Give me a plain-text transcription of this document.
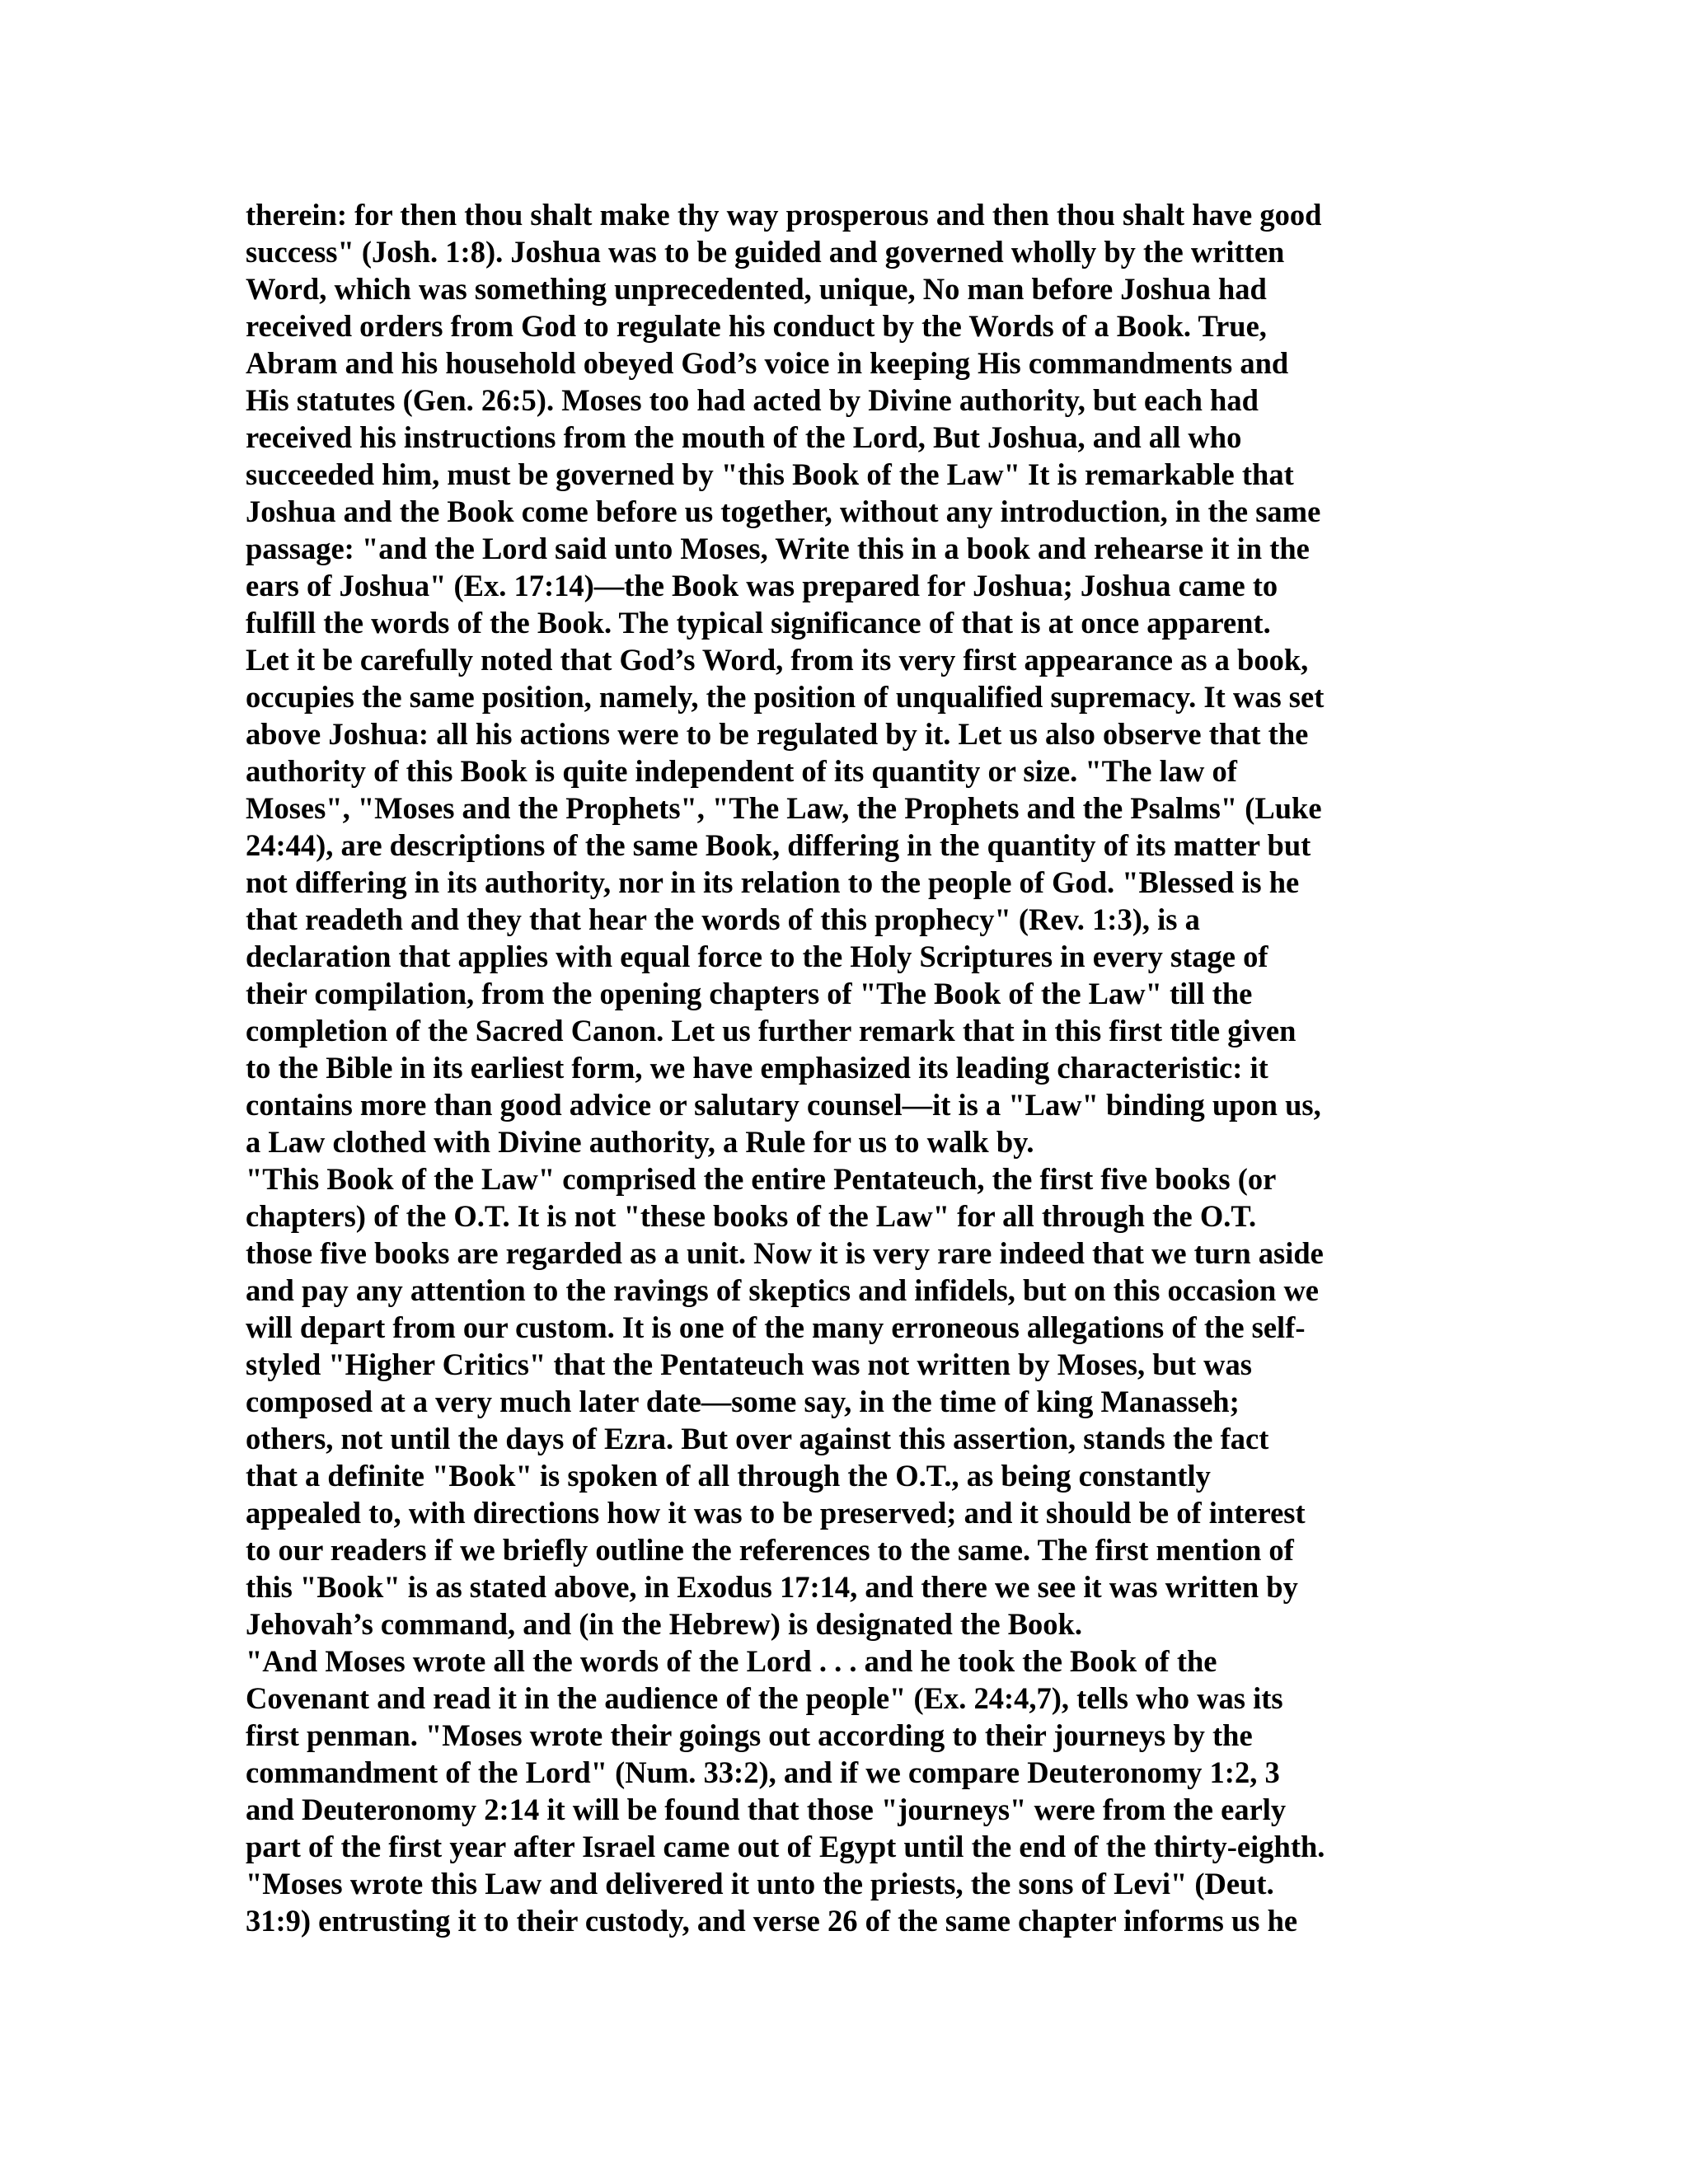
therein: for then thou shalt make thy way prosperous and then thou shalt have good
success" (Josh. 1:8). Joshua was to be guided and governed wholly by the written
Word, which was something unprecedented, unique, No man before Joshua had
received orders from God to regulate his conduct by the Words of a Book. True,
Abram and his household obeyed God’s voice in keeping His commandments and
His statutes (Gen. 26:5). Moses too had acted by Divine authority, but each had
received his instructions from the mouth of the Lord, But Joshua, and all who
succeeded him, must be governed by "this Book of the Law" It is remarkable that
Joshua and the Book come before us together, without any introduction, in the same
passage: "and the Lord said unto Moses, Write this in a book and rehearse it in the
ears of Joshua" (Ex. 17:14)—the Book was prepared for Joshua; Joshua came to
fulfill the words of the Book. The typical significance of that is at once apparent.
Let it be carefully noted that God’s Word, from its very first appearance as a book,
occupies the same position, namely, the position of unqualified supremacy. It was set
above Joshua: all his actions were to be regulated by it. Let us also observe that the
authority of this Book is quite independent of its quantity or size. "The law of
Moses", "Moses and the Prophets", "The Law, the Prophets and the Psalms" (Luke
24:44), are descriptions of the same Book, differing in the quantity of its matter but
not differing in its authority, nor in its relation to the people of God. "Blessed is he
that readeth and they that hear the words of this prophecy" (Rev. 1:3), is a
declaration that applies with equal force to the Holy Scriptures in every stage of
their compilation, from the opening chapters of "The Book of the Law" till the
completion of the Sacred Canon. Let us further remark that in this first title given
to the Bible in its earliest form, we have emphasized its leading characteristic: it
contains more than good advice or salutary counsel—it is a "Law" binding upon us,
a Law clothed with Divine authority, a Rule for us to walk by.
"This Book of the Law" comprised the entire Pentateuch, the first five books (or
chapters) of the O.T. It is not "these books of the Law" for all through the O.T.
those five books are regarded as a unit. Now it is very rare indeed that we turn aside
and pay any attention to the ravings of skeptics and infidels, but on this occasion we
will depart from our custom. It is one of the many erroneous allegations of the self-
styled "Higher Critics" that the Pentateuch was not written by Moses, but was
composed at a very much later date—some say, in the time of king Manasseh;
others, not until the days of Ezra. But over against this assertion, stands the fact
that a definite "Book" is spoken of all through the O.T., as being constantly
appealed to, with directions how it was to be preserved; and it should be of interest
to our readers if we briefly outline the references to the same. The first mention of
this "Book" is as stated above, in Exodus 17:14, and there we see it was written by
Jehovah’s command, and (in the Hebrew) is designated the Book.
"And Moses wrote all the words of the Lord . . . and he took the Book of the
Covenant and read it in the audience of the people" (Ex. 24:4,7), tells who was its
first penman. "Moses wrote their goings out according to their journeys by the
commandment of the Lord" (Num. 33:2), and if we compare Deuteronomy 1:2, 3
and Deuteronomy 2:14 it will be found that those "journeys" were from the early
part of the first year after Israel came out of Egypt until the end of the thirty-eighth.
"Moses wrote this Law and delivered it unto the priests, the sons of Levi" (Deut.
31:9) entrusting it to their custody, and verse 26 of the same chapter informs us he
